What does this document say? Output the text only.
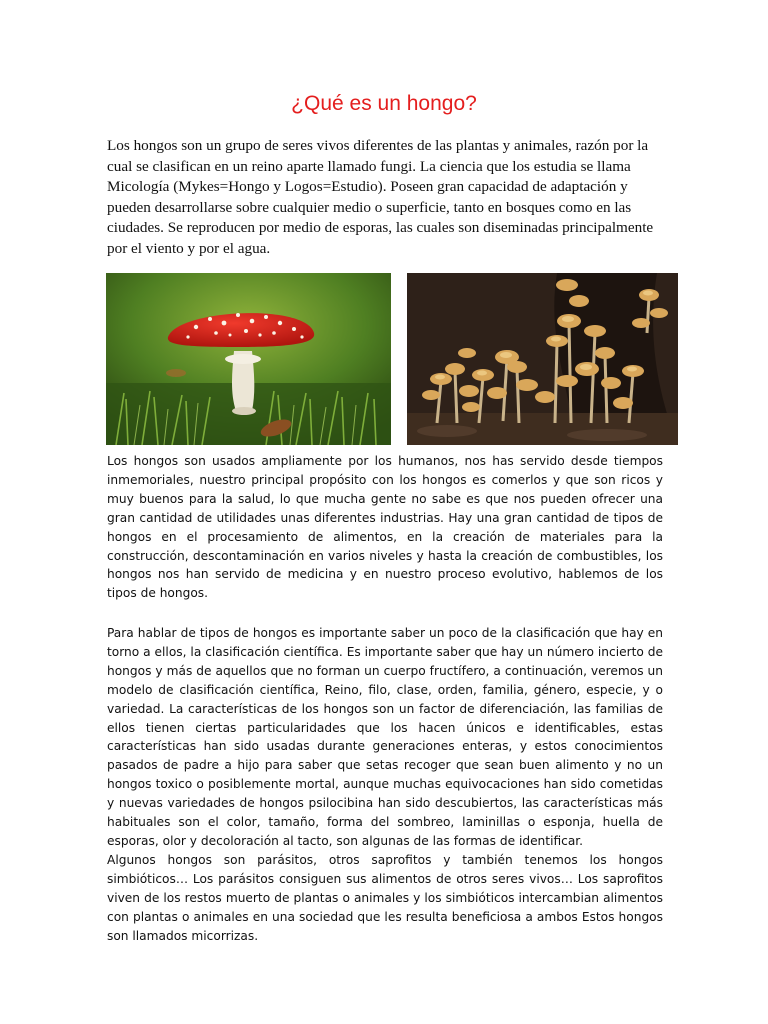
¿Qué es un hongo?

Los hongos son un grupo de seres vivos diferentes de las plantas y animales, razón por la cual se clasifican en un reino aparte llamado fungi. La ciencia que los estudia se llama Micología (Mykes=Hongo y Logos=Estudio). Poseen gran capacidad de adaptación y pueden desarrollarse sobre cualquier medio o superficie, tanto en bosques como en las ciudades. Se reproducen por medio de esporas, las cuales son diseminadas principalmente por el viento y por el agua.

Los hongos son usados ampliamente por los humanos, nos has servido desde tiempos inmemoriales, nuestro principal propósito con los hongos es comerlos y que son ricos y muy buenos para la salud, lo que mucha gente no sabe es que nos pueden ofrecer una gran cantidad de utilidades unas diferentes industrias. Hay una gran cantidad de tipos de hongos en el procesamiento de alimentos, en la creación de materiales para la construcción, descontaminación en varios niveles y hasta la creación de combustibles, los hongos nos han servido de medicina y en nuestro proceso evolutivo, hablemos de los tipos de hongos.

Para hablar de tipos de hongos es importante saber un poco de la clasificación que hay en torno a ellos, la clasificación científica. Es importante saber que hay un número incierto de hongos y más de aquellos que no forman un cuerpo fructífero, a continuación, veremos un modelo de clasificación científica, Reino, filo, clase, orden, familia, género, especie, y o variedad. La características de los hongos son un factor de diferenciación, las familias de ellos tienen ciertas particularidades que los hacen únicos e identificables, estas características han sido usadas durante generaciones enteras, y estos conocimientos pasados de padre a hijo para saber que setas recoger que sean buen alimento y no un hongos toxico o posiblemente mortal, aunque muchas equivocaciones han sido cometidas y nuevas variedades de hongos psilocibina han sido descubiertos, las características más habituales son el color, tamaño, forma del sombreo, laminillas o esponja, huella de esporas, olor y decoloración al tacto, son algunas de las formas de identificar.

Algunos hongos son parásitos, otros saprofitos y también tenemos los hongos simbióticos… Los parásitos consiguen sus alimentos de otros seres vivos… Los saprofitos viven de los restos muerto de plantas o animales y los simbióticos intercambian alimentos con plantas o animales en una sociedad que les resulta beneficiosa a ambos Estos hongos son llamados micorrizas.
